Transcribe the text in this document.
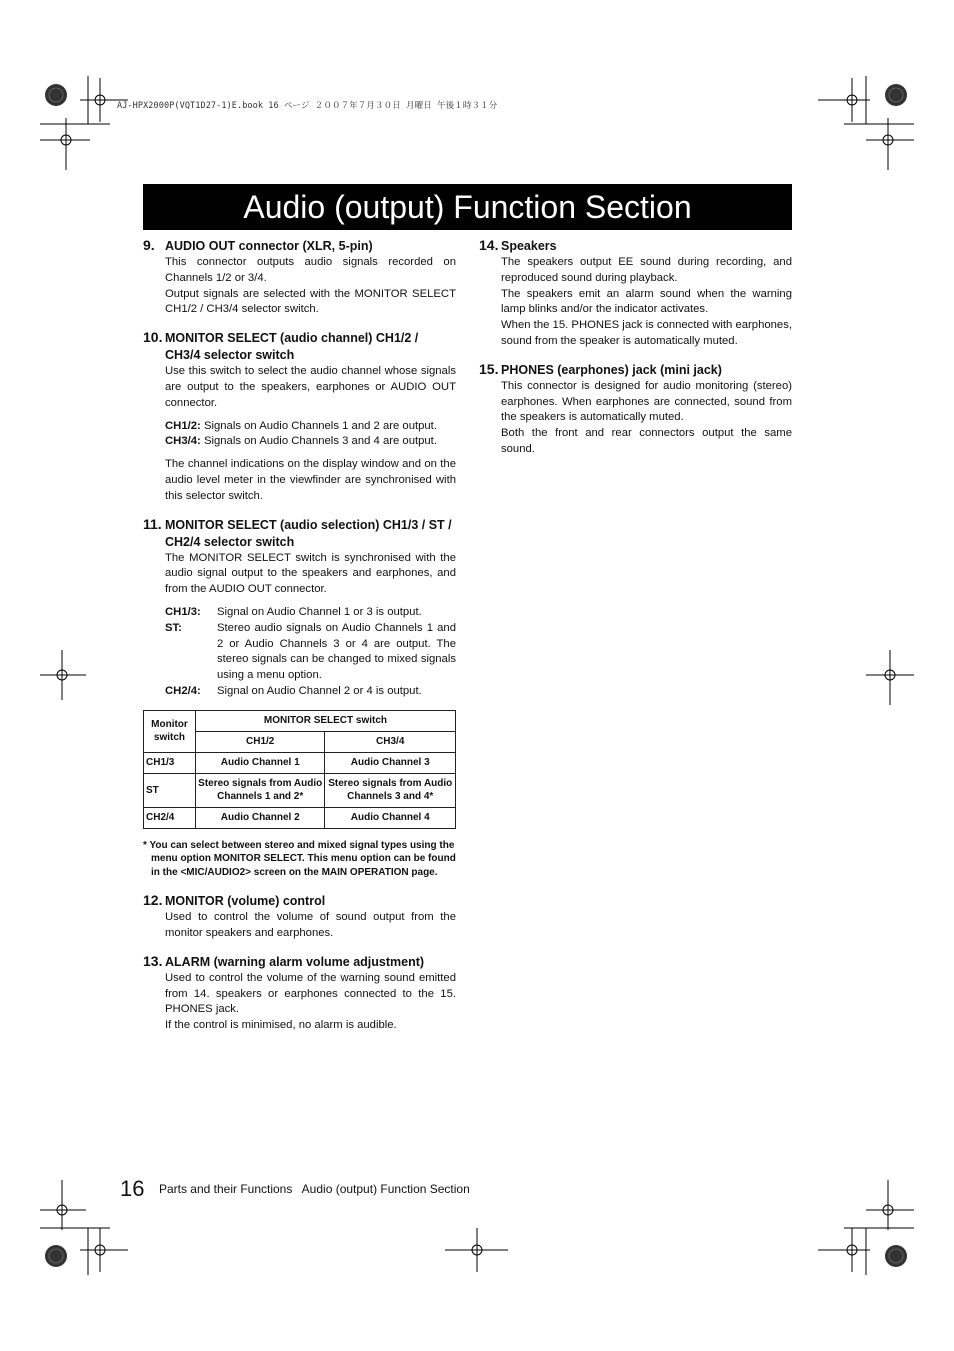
AJ-HPX2000P(VQT1D27-1)E.book 16 ページ ２００７年７月３０日 月曜日 午後１時３１分
Audio (output) Function Section
9. AUDIO OUT connector (XLR, 5-pin)
This connector outputs audio signals recorded on Channels 1/2 or 3/4.
Output signals are selected with the MONITOR SELECT CH1/2 / CH3/4 selector switch.
10. MONITOR SELECT (audio channel) CH1/2 / CH3/4 selector switch
Use this switch to select the audio channel whose signals are output to the speakers, earphones or AUDIO OUT connector.
CH1/2: Signals on Audio Channels 1 and 2 are output.
CH3/4: Signals on Audio Channels 3 and 4 are output.
The channel indications on the display window and on the audio level meter in the viewfinder are synchronised with this selector switch.
11. MONITOR SELECT (audio selection) CH1/3 / ST / CH2/4 selector switch
The MONITOR SELECT switch is synchronised with the audio signal output to the speakers and earphones, and from the AUDIO OUT connector.
CH1/3:	Signal on Audio Channel 1 or 3 is output.
ST:	Stereo audio signals on Audio Channels 1 and 2 or Audio Channels 3 or 4 are output. The stereo signals can be changed to mixed signals using a menu option.
CH2/4:	Signal on Audio Channel 2 or 4 is output.
Monitor switch	MONITOR SELECT switch	
	CH1/2	CH3/4
CH1/3	Audio Channel 1	Audio Channel 3
ST	Stereo signals from Audio Channels 1 and 2*	Stereo signals from Audio Channels 3 and 4*
CH2/4	Audio Channel 2	Audio Channel 4
* You can select between stereo and mixed signal types using the menu option MONITOR SELECT. This menu option can be found in the <MIC/AUDIO2> screen on the MAIN OPERATION page.
12. MONITOR (volume) control
Used to control the volume of sound output from the monitor speakers and earphones.
13. ALARM (warning alarm volume adjustment)
Used to control the volume of the warning sound emitted from 14. speakers or earphones connected to the 15. PHONES jack.
If the control is minimised, no alarm is audible.
14. Speakers
The speakers output EE sound during recording, and reproduced sound during playback.
The speakers emit an alarm sound when the warning lamp blinks and/or the indicator activates.
When the 15. PHONES jack is connected with earphones, sound from the speaker is automatically muted.
15. PHONES (earphones) jack (mini jack)
This connector is designed for audio monitoring (stereo) earphones. When earphones are connected, sound from the speakers is automatically muted.
Both the front and rear connectors output the same sound.
16 Parts and their Functions   Audio (output) Function Section
